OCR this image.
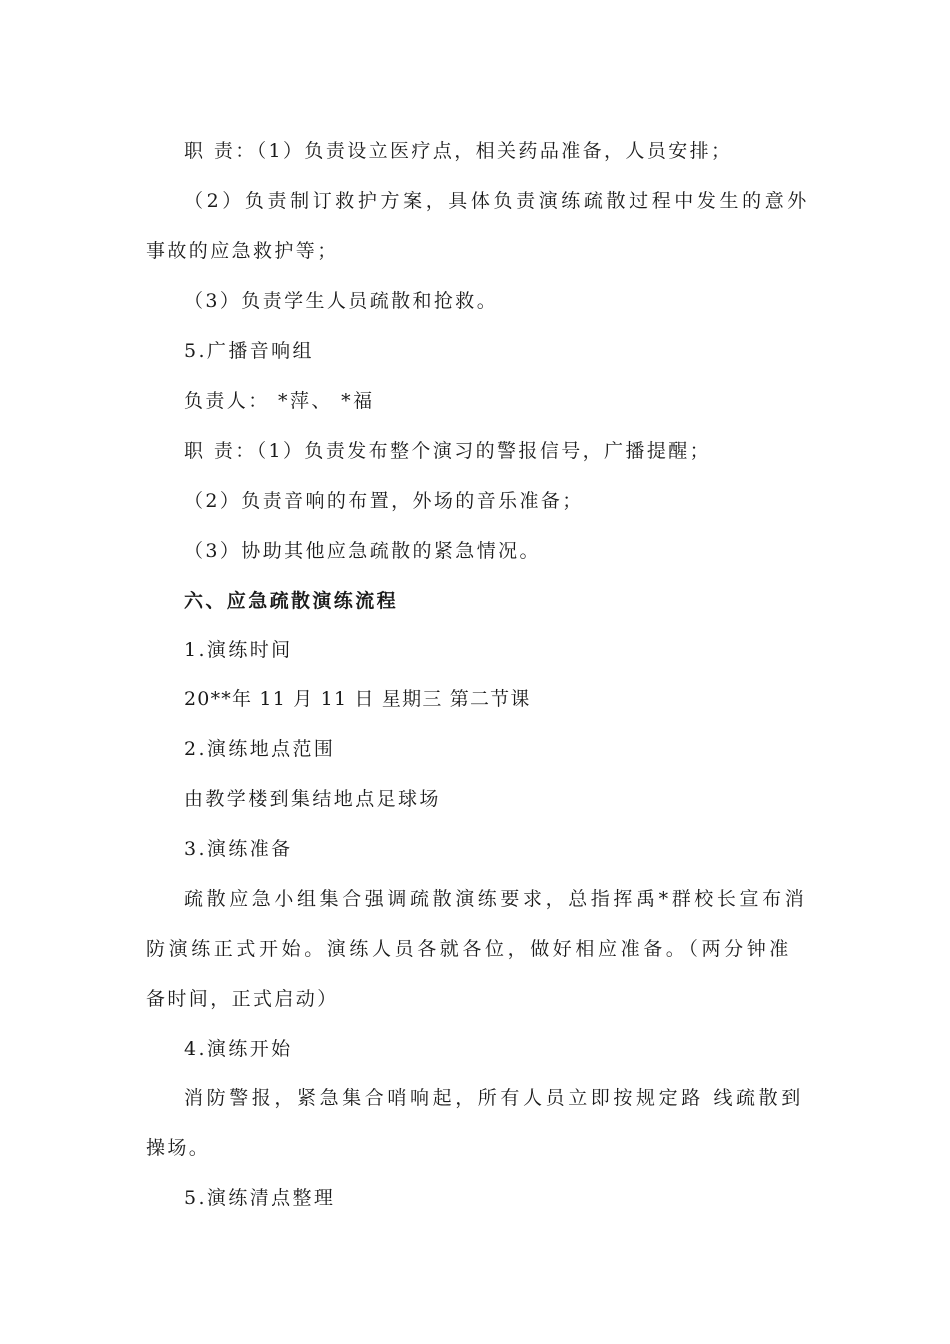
职 责：（1）负责设立医疗点，相关药品准备，人员安排；
（2）负责制订救护方案，具体负责演练疏散过程中发生的意外
事故的应急救护等；
（3）负责学生人员疏散和抢救。
5.广播音响组
负责人： *萍、 *福
职 责：（1）负责发布整个演习的警报信号，广播提醒；
（2）负责音响的布置，外场的音乐准备；
（3）协助其他应急疏散的紧急情况。
六、应急疏散演练流程
1.演练时间
20**年 11 月 11 日 星期三 第二节课
2.演练地点范围
由教学楼到集结地点足球场
3.演练准备
疏散应急小组集合强调疏散演练要求，总指挥禹*群校长宣布消
防演练正式开始。演练人员各就各位，做好相应准备。（两分钟准
备时间，正式启动）
4.演练开始
消防警报，紧急集合哨响起，所有人员立即按规定路 线疏散到
操场。
5.演练清点整理
